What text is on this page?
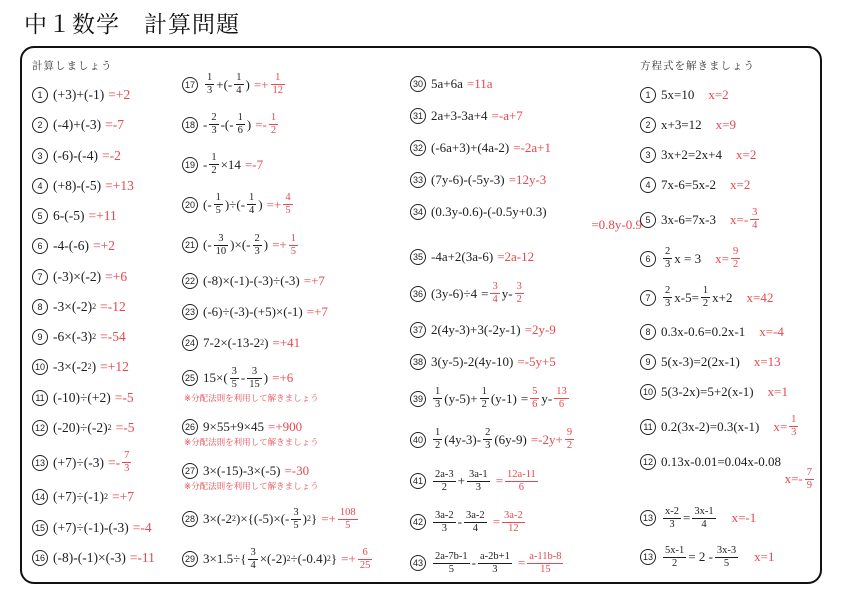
中１数学　計算問題
計算しましょう
1 (+3)+(-1) =+2
2 (-4)+(-3) =-7
3 (-6)-(-4) =-2
4 (+8)-(-5) =+13
5 6-(-5) =+11
6 -4-(-6) =+2
7 (-3)×(-2) =+6
8 -3×(-2) 2 =-12
9 -6×(-3) 2 =-54
10 -3×(-2 2 ) =+12
11 (-10)÷(+2) =-5
12 (-20)÷(-2) 2 =-5
13 $(+7)\div(-3) =- \frac{7}{3}$
14 (+7)÷(-1) 2 =+7
15 (+7)÷(-1)-(-3) =-4
16 (-8)-(-1)×(-3) =-11
$17 \frac{1}{3}$ +(- $\frac{1}{4}$ ) =+ $\frac{1}{12}$
$18 - \frac{2}{3}$ -(- $\frac{1}{6}$ ) =- $\frac{1}{2}$
$19 - \frac{1}{2} \times 14 =-7$
20 (- $\frac{1}{5}$ )÷(- $\frac{1}{4}$ ) =+ $\frac{4}{5}$
21 (- $\frac{3}{10}$ )×(- $\frac{2}{3}$ ) =+ $\frac{1}{5}$
22 (-8)×(-1)-(-3)÷(-3) =+7
23 (-6)÷(-3)-(+5)×(-1) =+7
24 7-2×(-13-2 2 ) =+41
25 $15\times( \frac{3}{5} - \frac{3}{15}$ ) =+6
※分配法則を利用して解きましょう
26 9×55+9×45 =+900
※分配法則を利用して解きましょう
27 3×(-15)-3×(-5) =-30
※分配法則を利用して解きましょう
28 3×(-2 2 )$\times\{(-5)\times(- \frac{3}{5}$ ) 2 } =+ $\frac{108}{5}$
29 $3\times 1.5\div\{ \frac{3}{4} \times(-2)$ 2 ÷(-0.4) 2 } =+ $\frac{6}{25}$
30 5a+6a =11a
31 2a+3-3a+4 =-a+7
32 (-6a+3)+(4a-2) =-2a+1
33 (7y-6)-(-5y-3) =12y-3
34 (0.3y-0.6)-(-0.5y+0.3)
=0.8y-0.9
35 -4a+2(3a-6) =2a-12
36 $(3y-6)\div 4 = \frac{3}{4} y- \frac{3}{2}$
37 2(4y-3)+3(-2y-1) =2y-9
38 3(y-5)-2(4y-10) =-5y+5
$39 \frac{1}{3} (y-5)+ \frac{1}{2} (y-1) = \frac{5}{6} y- \frac{13}{6}$
$40 \frac{1}{2} (4y-3)- \frac{2}{3} (6y-9) =-2y+ \frac{9}{2}$
$41 \frac{2a-3}{2} + \frac{3a-1}{3} = \frac{12a-11}{6}$
$42 \frac{3a-2}{3} - \frac{3a-2}{4} = \frac{3a-2}{12}$
$43 \frac{2a-7b-1}{5} - \frac{a-2b+1}{3} = \frac{a-11b-8}{15}$
方程式を解きましょう
1 5x=10 x=2
2 x+3=12 x=9
3 3x+2=2x+4 x=2
4 7x-6=5x-2 x=2
5 3x-6=7x-3 $x=- \frac{3}{4}$
6	$\frac{2}{3}$ x = 3 $x= \frac{9}{2}$
7	$\frac{2}{3} x-5= \frac{1}{2} x+2$ x=42
8 0.3x-0.6=0.2x-1 x=-4
9 5(x-3)=2(2x-1) x=13
10 5(3-2x)=5+2(x-1) x=1
11 0.2(3x-2)=0.3(x-1) $x= \frac{1}{3}$
12 0.13x-0.01=0.04x-0.08
$x=- \frac{7}{9}$
$13 \frac{x-2}{3} = \frac{3x-1}{4} x=-1$
$13 \frac{5x-1}{2} = 2 - \frac{3x-3}{5} x=1$
